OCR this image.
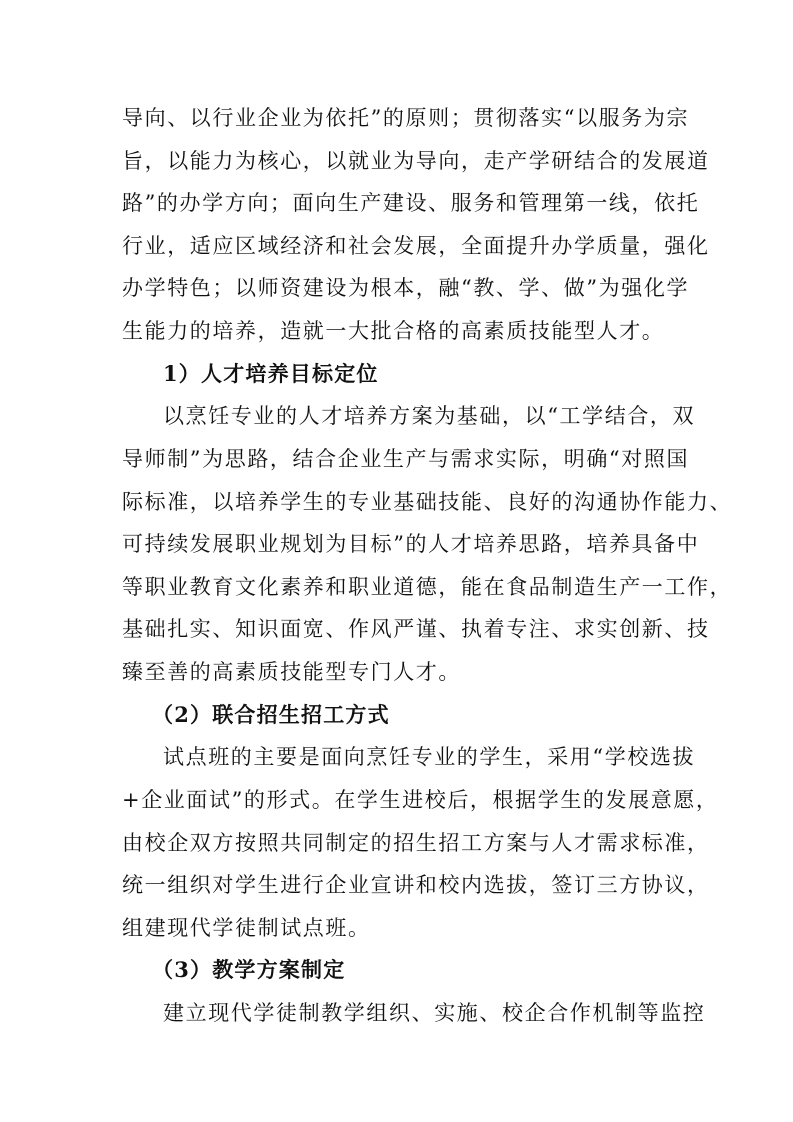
导向、以行业企业为依托”的原则；贯彻落实“以服务为宗
旨，以能力为核心，以就业为导向，走产学研结合的发展道
路”的办学方向；面向生产建设、服务和管理第一线，依托
行业，适应区域经济和社会发展，全面提升办学质量，强化
办学特色；以师资建设为根本，融“教、学、做”为强化学
生能力的培养，造就一大批合格的高素质技能型人才。
1）人才培养目标定位
以烹饪专业的人才培养方案为基础，以“工学结合，双
导师制”为思路，结合企业生产与需求实际，明确“对照国
际标准，以培养学生的专业基础技能、良好的沟通协作能力、
可持续发展职业规划为目标”的人才培养思路，培养具备中
等职业教育文化素养和职业道德，能在食品制造生产一工作，
基础扎实、知识面宽、作风严谨、执着专注、求实创新、技
臻至善的高素质技能型专门人才。
（2）联合招生招工方式
试点班的主要是面向烹饪专业的学生，采用“学校选拔
+企业面试”的形式。在学生进校后，根据学生的发展意愿，
由校企双方按照共同制定的招生招工方案与人才需求标准，
统一组织对学生进行企业宣讲和校内选拔，签订三方协议，
组建现代学徒制试点班。
（3）教学方案制定
建立现代学徒制教学组织、实施、校企合作机制等监控
